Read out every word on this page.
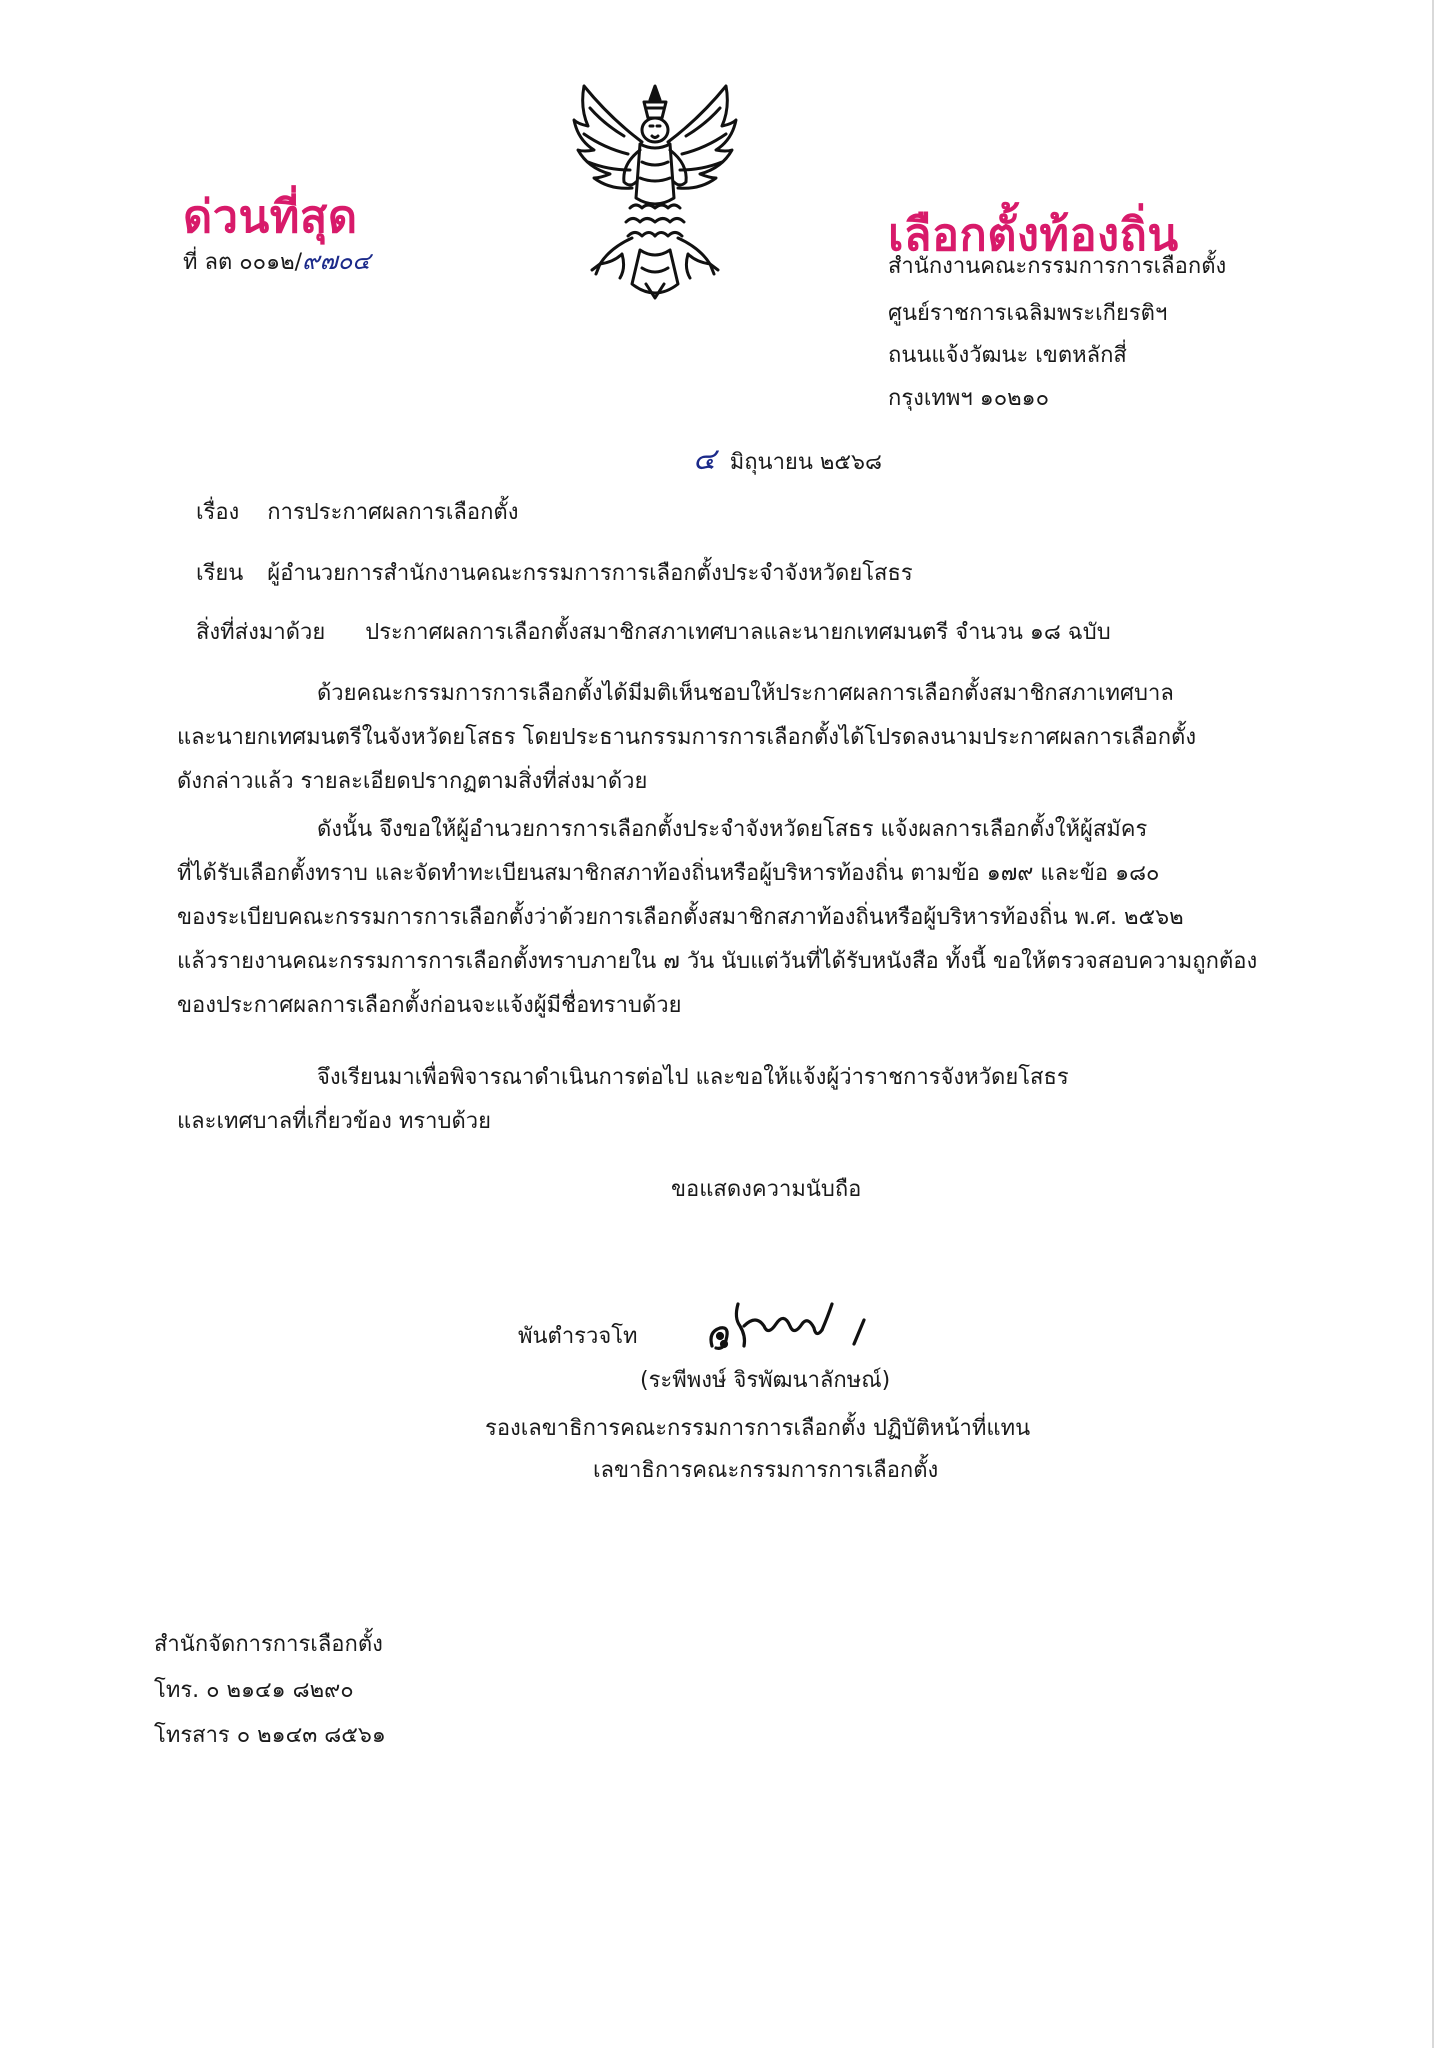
ด่วนที่สุด
ที่ ลต ๐๐๑๒/๙๗๐๔	เลือกตั้งท้องถิ่น
สำนักงานคณะกรรมการการเลือกตั้ง
ศูนย์ราชการเฉลิมพระเกียรติฯ
ถนนแจ้งวัฒนะ เขตหลักสี่
กรุงเทพฯ ๑๐๒๑๐
๔ มิถุนายน ๒๕๖๘
เรื่อง การประกาศผลการเลือกตั้ง
เรียน ผู้อำนวยการสำนักงานคณะกรรมการการเลือกตั้งประจำจังหวัดยโสธร
สิ่งที่ส่งมาด้วย ประกาศผลการเลือกตั้งสมาชิกสภาเทศบาลและนายกเทศมนตรี จำนวน ๑๘ ฉบับ
ด้วยคณะกรรมการการเลือกตั้งได้มีมติเห็นชอบให้ประกาศผลการเลือกตั้งสมาชิกสภาเทศบาล
และนายกเทศมนตรีในจังหวัดยโสธร โดยประธานกรรมการการเลือกตั้งได้โปรดลงนามประกาศผลการเลือกตั้ง
ดังกล่าวแล้ว รายละเอียดปรากฏตามสิ่งที่ส่งมาด้วย
ดังนั้น จึงขอให้ผู้อำนวยการการเลือกตั้งประจำจังหวัดยโสธร แจ้งผลการเลือกตั้งให้ผู้สมัคร
ที่ได้รับเลือกตั้งทราบ และจัดทำทะเบียนสมาชิกสภาท้องถิ่นหรือผู้บริหารท้องถิ่น ตามข้อ ๑๗๙ และข้อ ๑๘๐
ของระเบียบคณะกรรมการการเลือกตั้งว่าด้วยการเลือกตั้งสมาชิกสภาท้องถิ่นหรือผู้บริหารท้องถิ่น พ.ศ. ๒๕๖๒
แล้วรายงานคณะกรรมการการเลือกตั้งทราบภายใน ๗ วัน นับแต่วันที่ได้รับหนังสือ ทั้งนี้ ขอให้ตรวจสอบความถูกต้อง
ของประกาศผลการเลือกตั้งก่อนจะแจ้งผู้มีชื่อทราบด้วย
จึงเรียนมาเพื่อพิจารณาดำเนินการต่อไป และขอให้แจ้งผู้ว่าราชการจังหวัดยโสธร
และเทศบาลที่เกี่ยวข้อง ทราบด้วย
ขอแสดงความนับถือ
พันตำรวจโท
(ระพีพงษ์ จิรพัฒนาลักษณ์)
รองเลขาธิการคณะกรรมการการเลือกตั้ง ปฏิบัติหน้าที่แทน
เลขาธิการคณะกรรมการการเลือกตั้ง
สำนักจัดการการเลือกตั้ง
โทร. ๐ ๒๑๔๑ ๘๒๙๐
โทรสาร ๐ ๒๑๔๓ ๘๕๖๑
